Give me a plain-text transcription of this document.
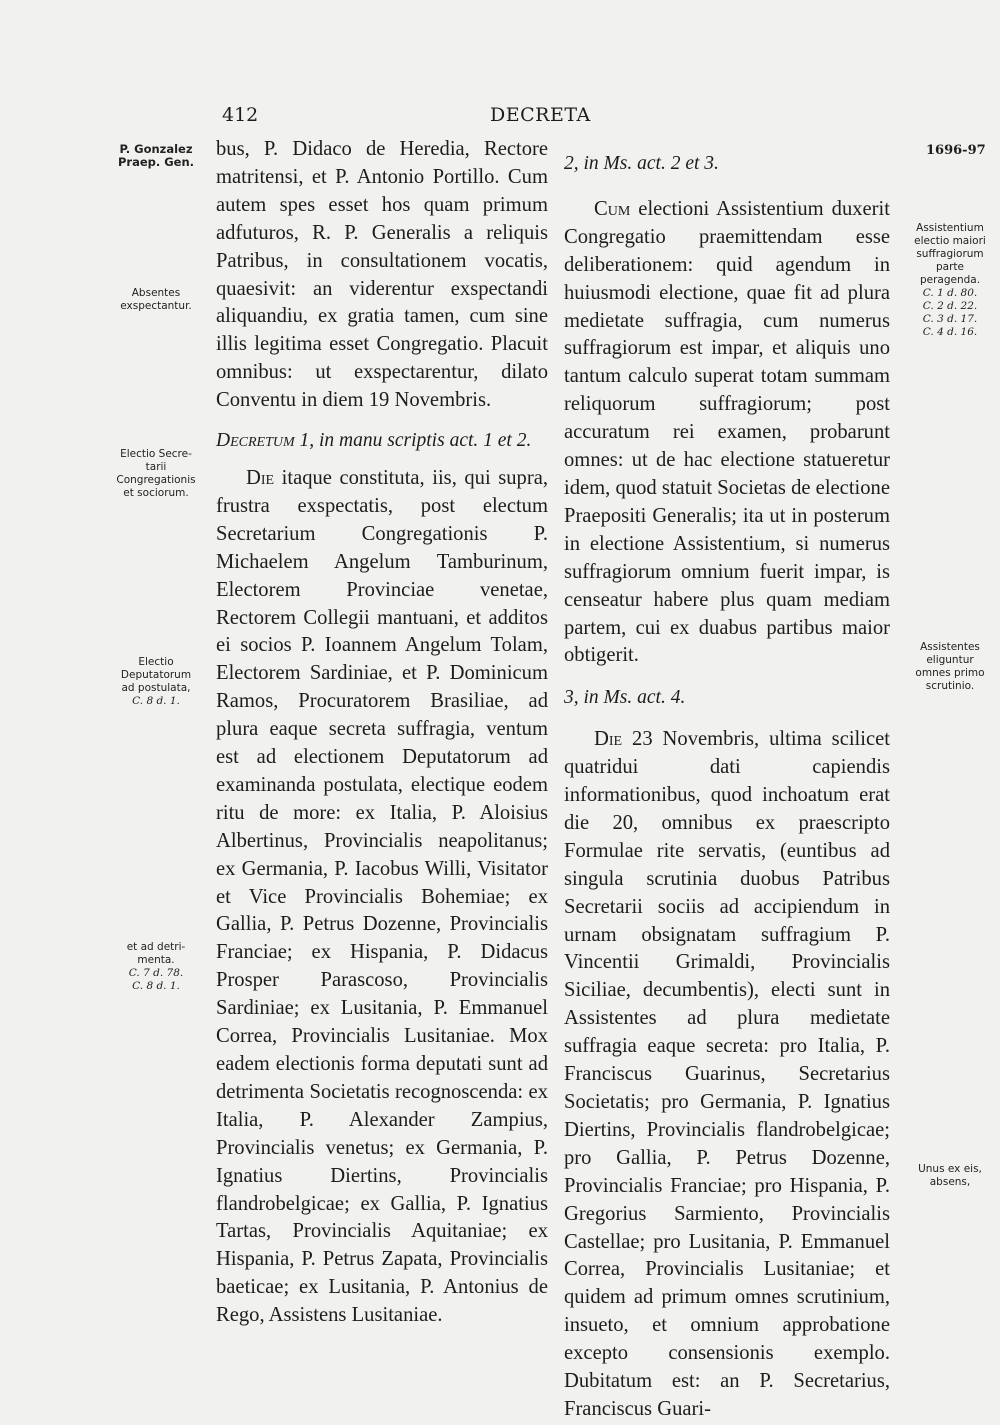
412	DECRETA
1696-97
P. Gonzalez
Praep. Gen.
Absentes
exspectantur.
Electio Secre-
tarii
Congregationis
et sociorum.
Electio
Deputatorum
ad postulata,
C. 8 d. 1.
et ad detri-
menta.
C. 7 d. 78.
C. 8 d. 1.
Assistentium
electio maiori
suffragiorum
parte
peragenda.
C. 1 d. 80.
C. 2 d. 22.
C. 3 d. 17.
C. 4 d. 16.
Assistentes
eliguntur
omnes primo
scrutinio.
Unus ex eis,
absens,

bus, P. Didaco de Heredia, Rectore matritensi, et P. Antonio Portillo. Cum autem spes esset hos quam primum adfuturos, R. P. Generalis a reliquis Patribus, in consultationem vocatis, quaesivit: an viderentur exspectandi aliquandiu, ex gratia tamen, cum sine illis legitima esset Congregatio. Placuit omnibus: ut exspectarentur, dilato Conventu in diem 19 Novembris.

Decretum 1, in manu scriptis act. 1 et 2.

Die itaque constituta, iis, qui supra, frustra exspectatis, post electum Secretarium Congregationis P. Michaelem Angelum Tamburinum, Electorem Provinciae venetae, Rectorem Collegii mantuani, et additos ei socios P. Ioannem Angelum Tolam, Electorem Sardiniae, et P. Dominicum Ramos, Procuratorem Brasiliae, ad plura eaque secreta suffragia, ventum est ad electionem Deputatorum ad examinanda postulata, electique eodem ritu de more: ex Italia, P. Aloisius Albertinus, Provincialis neapolitanus; ex Germania, P. Iacobus Willi, Visitator et Vice Provincialis Bohemiae; ex Gallia, P. Petrus Dozenne, Provincialis Franciae; ex Hispania, P. Didacus Prosper Parascoso, Provincialis Sardiniae; ex Lusitania, P. Emmanuel Correa, Provincialis Lusitaniae. Mox eadem electionis forma deputati sunt ad detrimenta Societatis recognoscenda: ex Italia, P. Alexander Zampius, Provincialis venetus; ex Germania, P. Ignatius Diertins, Provincialis flandrobelgicae; ex Gallia, P. Ignatius Tartas, Provincialis Aquitaniae; ex Hispania, P. Petrus Zapata, Provincialis baeticae; ex Lusitania, P. Antonius de Rego, Assistens Lusitaniae.

2, in Ms. act. 2 et 3.

Cum electioni Assistentium duxerit Congregatio praemittendam esse deliberationem: quid agendum in huiusmodi electione, quae fit ad plura medietate suffragia, cum numerus suffragiorum est impar, et aliquis uno tantum calculo superat totam summam reliquorum suffragiorum; post accuratum rei examen, probarunt omnes: ut de hac electione statueretur idem, quod statuit Societas de electione Praepositi Generalis; ita ut in posterum in electione Assistentium, si numerus suffragiorum omnium fuerit impar, is censeatur habere plus quam mediam partem, cui ex duabus partibus maior obtigerit.

3, in Ms. act. 4.

Die 23 Novembris, ultima scilicet quatridui dati capiendis informationibus, quod inchoatum erat die 20, omnibus ex praescripto Formulae rite servatis, (euntibus ad singula scrutinia duobus Patribus Secretarii sociis ad accipiendum in urnam obsignatam suffragium P. Vincentii Grimaldi, Provincialis Siciliae, decumbentis), electi sunt in Assistentes ad plura medietate suffragia eaque secreta: pro Italia, P. Franciscus Guarinus, Secretarius Societatis; pro Germania, P. Ignatius Diertins, Provincialis flandrobelgicae; pro Gallia, P. Petrus Dozenne, Provincialis Franciae; pro Hispania, P. Gregorius Sarmiento, Provincialis Castellae; pro Lusitania, P. Emmanuel Correa, Provincialis Lusitaniae; et quidem ad primum omnes scrutinium, insueto, et omnium approbatione excepto consensionis exemplo. Dubitatum est: an P. Secretarius, Franciscus Guari-
